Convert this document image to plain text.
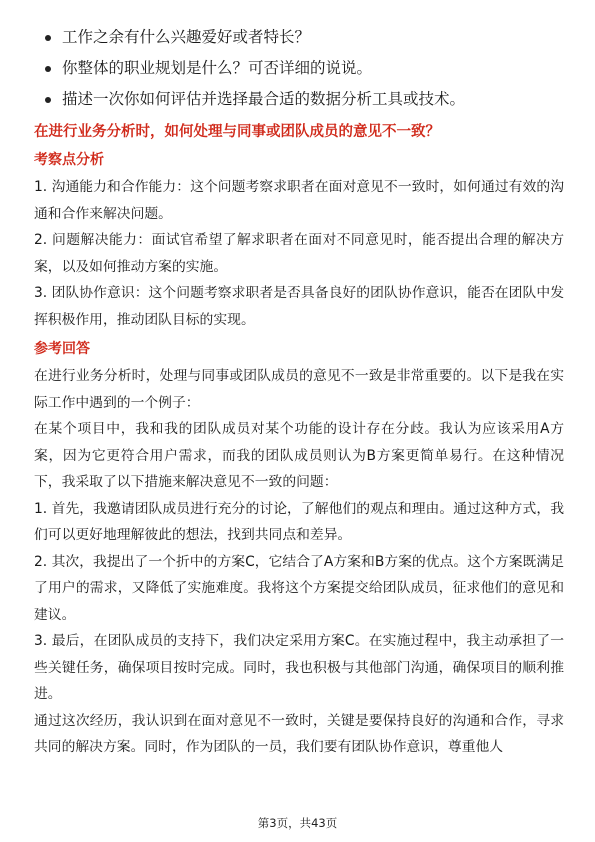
工作之余有什么兴趣爱好或者特长？
你整体的职业规划是什么？可否详细的说说。
描述一次你如何评估并选择最合适的数据分析工具或技术。
在进行业务分析时，如何处理与同事或团队成员的意见不一致？
考察点分析
1. 沟通能力和合作能力：这个问题考察求职者在面对意见不一致时，如何通过有效的沟通和合作来解决问题。
2. 问题解决能力：面试官希望了解求职者在面对不同意见时，能否提出合理的解决方案，以及如何推动方案的实施。
3. 团队协作意识：这个问题考察求职者是否具备良好的团队协作意识，能否在团队中发挥积极作用，推动团队目标的实现。
参考回答
在进行业务分析时，处理与同事或团队成员的意见不一致是非常重要的。以下是我在实际工作中遇到的一个例子：
在某个项目中，我和我的团队成员对某个功能的设计存在分歧。我认为应该采用A方案，因为它更符合用户需求，而我的团队成员则认为B方案更简单易行。在这种情况下，我采取了以下措施来解决意见不一致的问题：
1. 首先，我邀请团队成员进行充分的讨论，了解他们的观点和理由。通过这种方式，我们可以更好地理解彼此的想法，找到共同点和差异。
2. 其次，我提出了一个折中的方案C，它结合了A方案和B方案的优点。这个方案既满足了用户的需求，又降低了实施难度。我将这个方案提交给团队成员，征求他们的意见和建议。
3. 最后，在团队成员的支持下，我们决定采用方案C。在实施过程中，我主动承担了一些关键任务，确保项目按时完成。同时，我也积极与其他部门沟通，确保项目的顺利推进。
通过这次经历，我认识到在面对意见不一致时，关键是要保持良好的沟通和合作，寻求共同的解决方案。同时，作为团队的一员，我们要有团队协作意识，尊重他人
第3页，共43页
